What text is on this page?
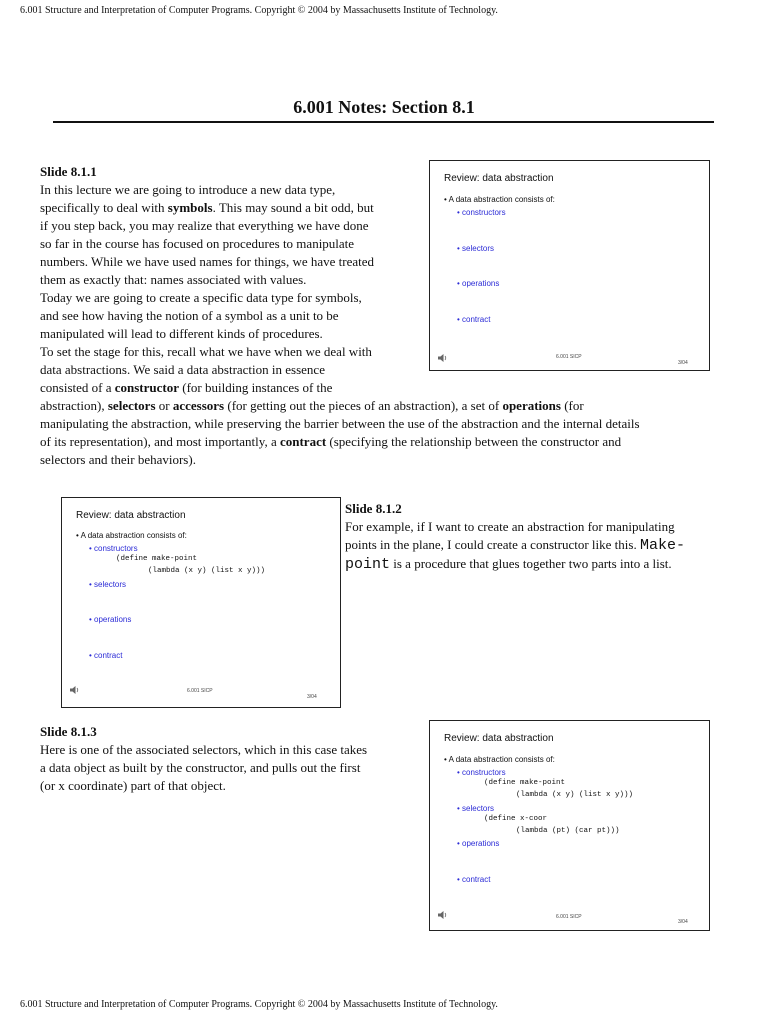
6.001 Structure and Interpretation of Computer Programs. Copyright © 2004 by Massachusetts Institute of Technology.
6.001 Notes: Section 8.1
Slide 8.1.1
In this lecture we are going to introduce a new data type,
specifically to deal with symbols. This may sound a bit odd, but
if you step back, you may realize that everything we have done
so far in the course has focused on procedures to manipulate
numbers. While we have used names for things, we have treated
them as exactly that: names associated with values.
Today we are going to create a specific data type for symbols,
and see how having the notion of a symbol as a unit to be
manipulated will lead to different kinds of procedures.
To set the stage for this, recall what we have when we deal with
data abstractions. We said a data abstraction in essence
consisted of a constructor (for building instances of the
abstraction), selectors or accessors (for getting out the pieces of an abstraction), a set of operations (for
manipulating the abstraction, while preserving the barrier between the use of the abstraction and the internal details
of its representation), and most importantly, a contract (specifying the relationship between the constructor and
selectors and their behaviors).
Review: data abstraction
• A data abstraction consists of:
• constructors
• selectors
• operations
• contract
6.001 SICP
3/04
Review: data abstraction
• A data abstraction consists of:
• constructors
(define make-point
(lambda (x y) (list x y)))
• selectors
• operations
• contract
6.001 SICP
3/04
Slide 8.1.2
For example, if I want to create an abstraction for manipulating
points in the plane, I could create a constructor like this. Make-
point is a procedure that glues together two parts into a list.
Slide 8.1.3
Here is one of the associated selectors, which in this case takes
a data object as built by the constructor, and pulls out the first
(or x coordinate) part of that object.
Review: data abstraction
• A data abstraction consists of:
• constructors
(define make-point
(lambda (x y) (list x y)))
• selectors
(define x-coor
(lambda (pt) (car pt)))
• operations
• contract
6.001 SICP
3/04
6.001 Structure and Interpretation of Computer Programs. Copyright © 2004 by Massachusetts Institute of Technology.
